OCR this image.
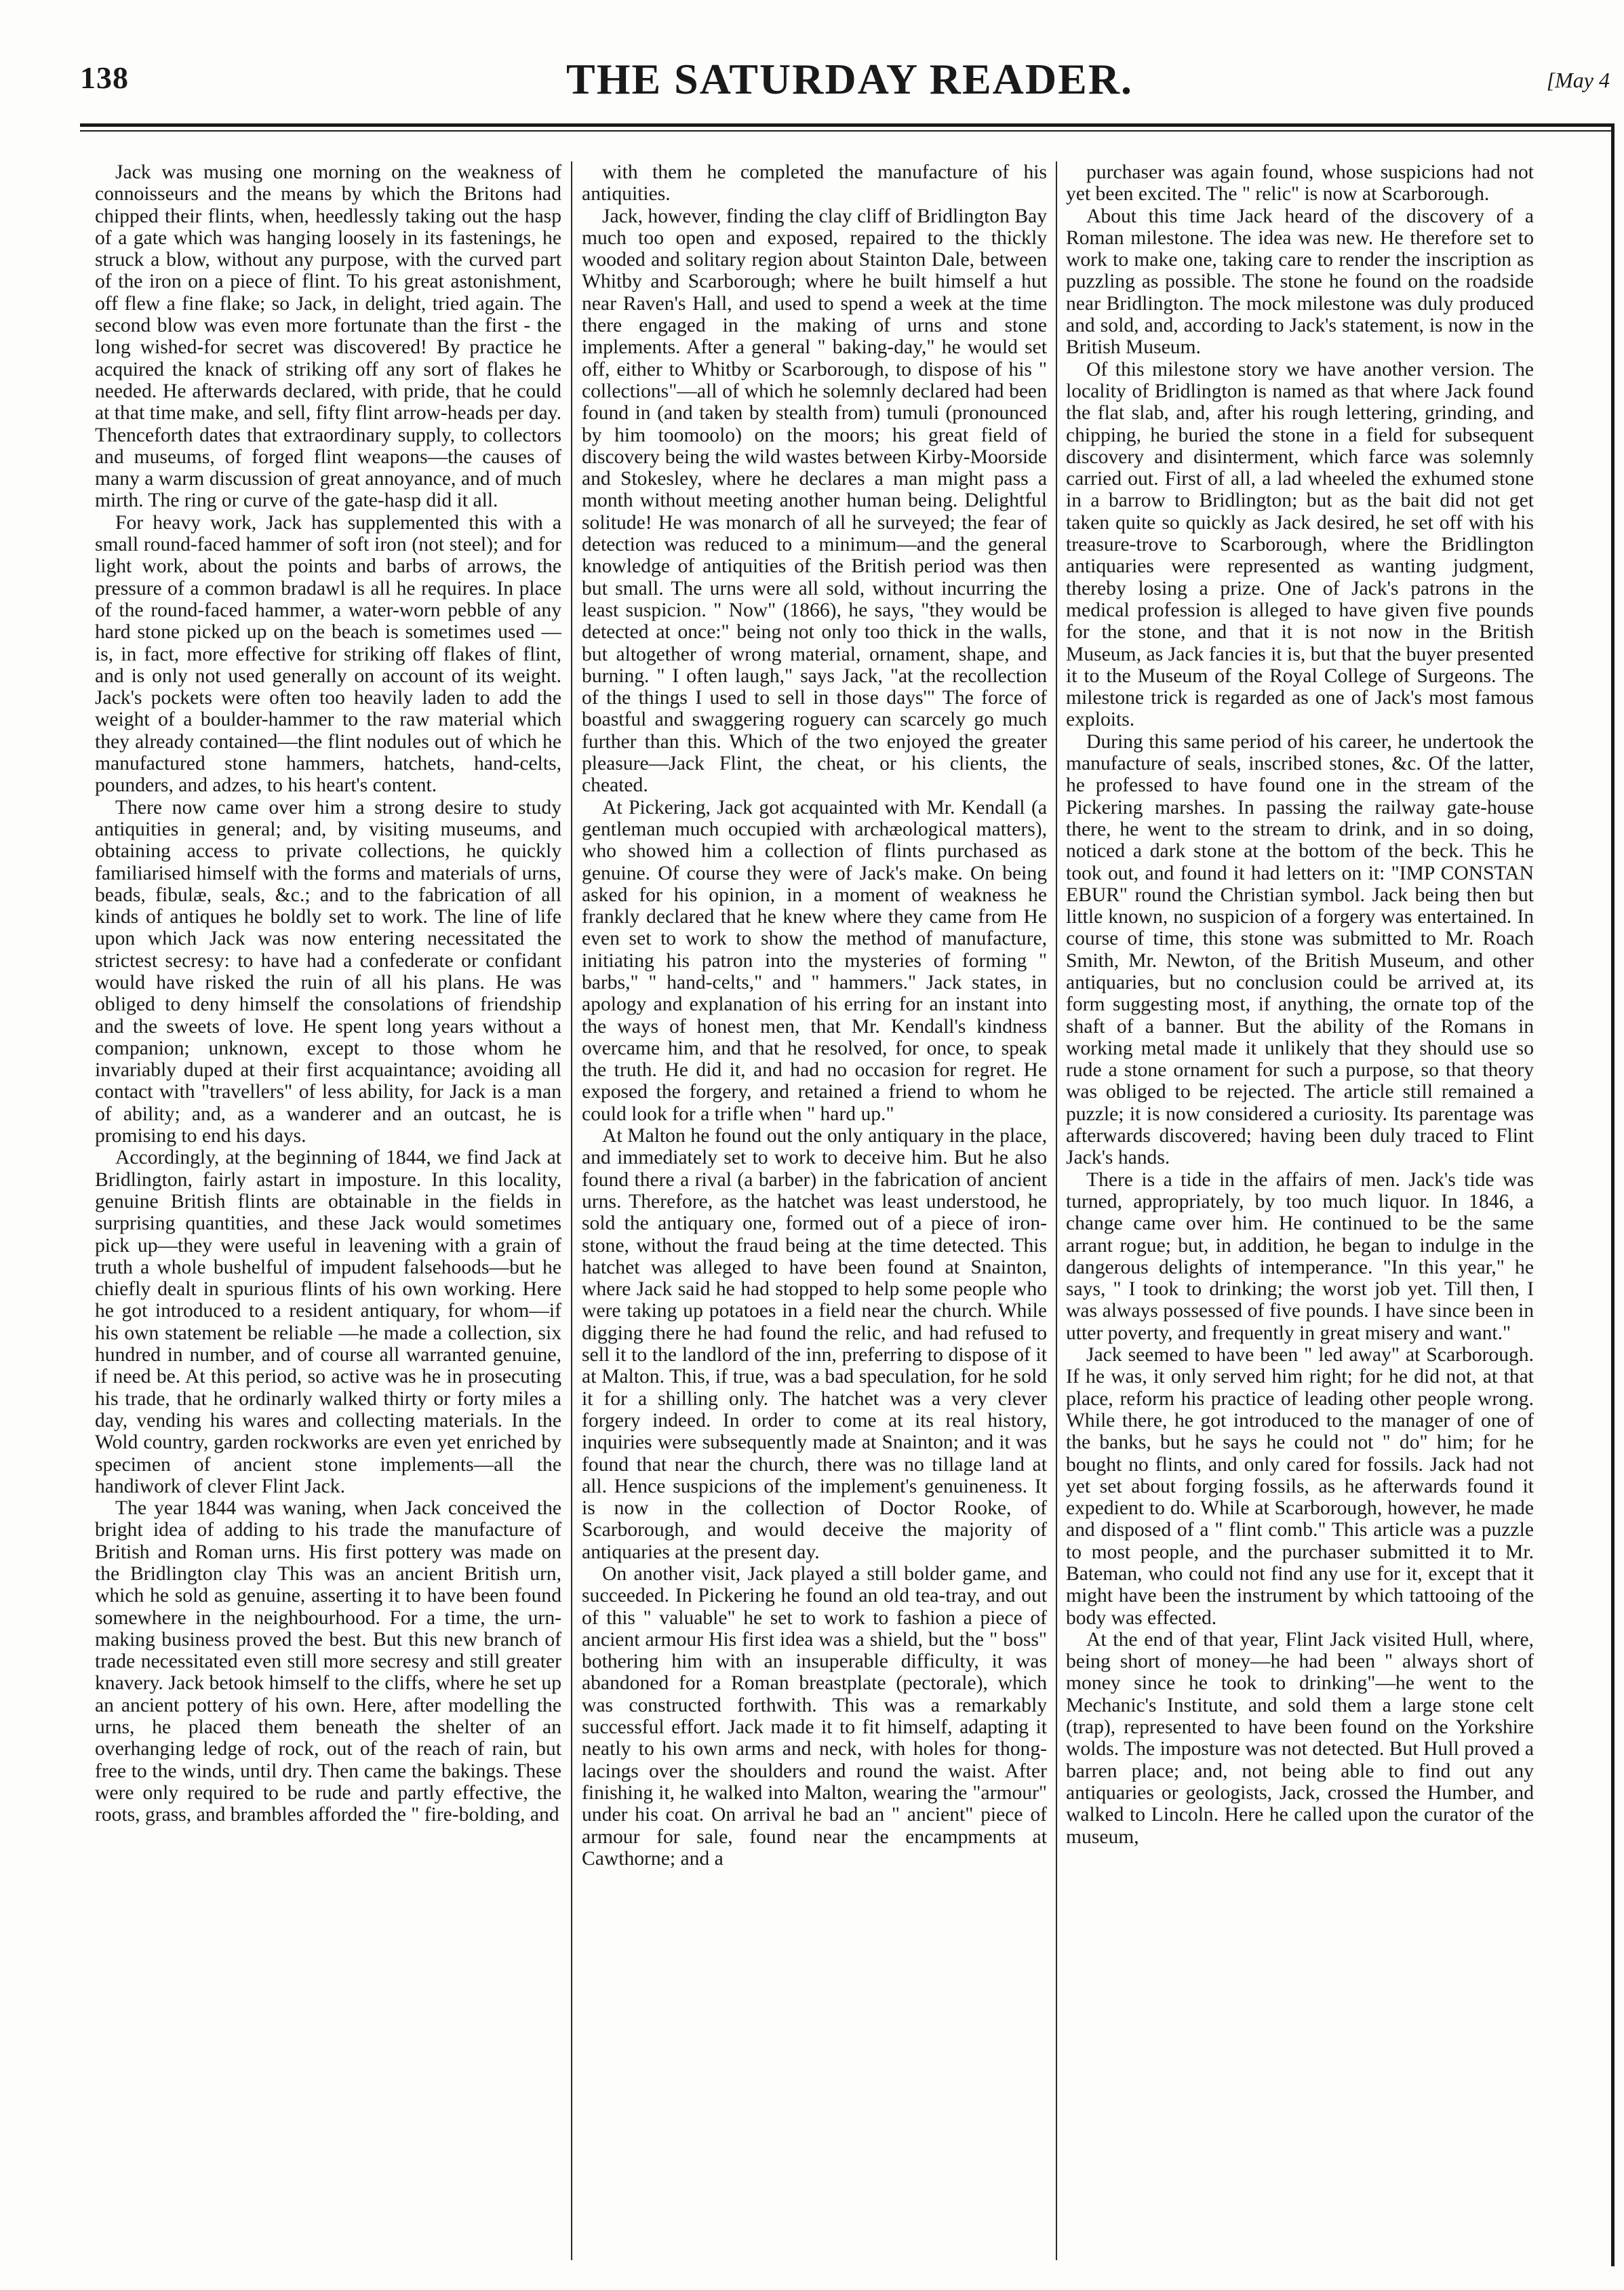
138	THE SATURDAY READER.	[May 4

Jack was musing one morning on the weakness of connoisseurs and the means by which the Britons had chipped their flints, when, heedlessly taking out the hasp of a gate which was hanging loosely in its fastenings, he struck a blow, without any purpose, with the curved part of the iron on a piece of flint. To his great astonishment, off flew a fine flake; so Jack, in delight, tried again. The second blow was even more fortunate than the first - the long wished-for secret was discovered! By practice he acquired the knack of striking off any sort of flakes he needed. He afterwards declared, with pride, that he could at that time make, and sell, fifty flint arrow-heads per day. Thenceforth dates that extraordinary supply, to collectors and museums, of forged flint weapons—the causes of many a warm discussion of great annoyance, and of much mirth. The ring or curve of the gate-hasp did it all.

For heavy work, Jack has supplemented this with a small round-faced hammer of soft iron (not steel); and for light work, about the points and barbs of arrows, the pressure of a common bradawl is all he requires. In place of the round-faced hammer, a water-worn pebble of any hard stone picked up on the beach is sometimes used —is, in fact, more effective for striking off flakes of flint, and is only not used generally on account of its weight. Jack's pockets were often too heavily laden to add the weight of a boulder-hammer to the raw material which they already contained—the flint nodules out of which he manufactured stone hammers, hatchets, hand-celts, pounders, and adzes, to his heart's content.

There now came over him a strong desire to study antiquities in general; and, by visiting museums, and obtaining access to private collections, he quickly familiarised himself with the forms and materials of urns, beads, fibulæ, seals, &c.; and to the fabrication of all kinds of antiques he boldly set to work. The line of life upon which Jack was now entering necessitated the strictest secresy: to have had a confederate or confidant would have risked the ruin of all his plans. He was obliged to deny himself the consolations of friendship and the sweets of love. He spent long years without a companion; unknown, except to those whom he invariably duped at their first acquaintance; avoiding all contact with "travellers" of less ability, for Jack is a man of ability; and, as a wanderer and an outcast, he is promising to end his days.

Accordingly, at the beginning of 1844, we find Jack at Bridlington, fairly astart in imposture. In this locality, genuine British flints are obtainable in the fields in surprising quantities, and these Jack would sometimes pick up—they were useful in leavening with a grain of truth a whole bushelful of impudent falsehoods—but he chiefly dealt in spurious flints of his own working. Here he got introduced to a resident antiquary, for whom—if his own statement be reliable —he made a collection, six hundred in number, and of course all warranted genuine, if need be. At this period, so active was he in prosecuting his trade, that he ordinarly walked thirty or forty miles a day, vending his wares and collecting materials. In the Wold country, garden rockworks are even yet enriched by specimen of ancient stone implements—all the handiwork of clever Flint Jack.

The year 1844 was waning, when Jack conceived the bright idea of adding to his trade the manufacture of British and Roman urns. His first pottery was made on the Bridlington clay This was an ancient British urn, which he sold as genuine, asserting it to have been found somewhere in the neighbourhood. For a time, the urn-making business proved the best. But this new branch of trade necessitated even still more secresy and still greater knavery. Jack betook himself to the cliffs, where he set up an ancient pottery of his own. Here, after modelling the urns, he placed them beneath the shelter of an overhanging ledge of rock, out of the reach of rain, but free to the winds, until dry. Then came the bakings. These were only required to be rude and partly effective, the roots, grass, and brambles afforded the " fire-bolding, and

with them he completed the manufacture of his antiquities.

Jack, however, finding the clay cliff of Bridlington Bay much too open and exposed, repaired to the thickly wooded and solitary region about Stainton Dale, between Whitby and Scarborough; where he built himself a hut near Raven's Hall, and used to spend a week at the time there engaged in the making of urns and stone implements. After a general " baking-day," he would set off, either to Whitby or Scarborough, to dispose of his " collections"—all of which he solemnly declared had been found in (and taken by stealth from) tumuli (pronounced by him toomoolo) on the moors; his great field of discovery being the wild wastes between Kirby-Moorside and Stokesley, where he declares a man might pass a month without meeting another human being. Delightful solitude! He was monarch of all he surveyed; the fear of detection was reduced to a minimum—and the general knowledge of antiquities of the British period was then but small. The urns were all sold, without incurring the least suspicion. " Now" (1866), he says, "they would be detected at once:" being not only too thick in the walls, but altogether of wrong material, ornament, shape, and burning. " I often laugh," says Jack, "at the recollection of the things I used to sell in those days'" The force of boastful and swaggering roguery can scarcely go much further than this. Which of the two enjoyed the greater pleasure—Jack Flint, the cheat, or his clients, the cheated.

At Pickering, Jack got acquainted with Mr. Kendall (a gentleman much occupied with archæological matters), who showed him a collection of flints purchased as genuine. Of course they were of Jack's make. On being asked for his opinion, in a moment of weakness he frankly declared that he knew where they came from He even set to work to show the method of manufacture, initiating his patron into the mysteries of forming " barbs," " hand-celts," and " hammers." Jack states, in apology and explanation of his erring for an instant into the ways of honest men, that Mr. Kendall's kindness overcame him, and that he resolved, for once, to speak the truth. He did it, and had no occasion for regret. He exposed the forgery, and retained a friend to whom he could look for a trifle when " hard up."

At Malton he found out the only antiquary in the place, and immediately set to work to deceive him. But he also found there a rival (a barber) in the fabrication of ancient urns. Therefore, as the hatchet was least understood, he sold the antiquary one, formed out of a piece of iron-stone, without the fraud being at the time detected. This hatchet was alleged to have been found at Snainton, where Jack said he had stopped to help some people who were taking up potatoes in a field near the church. While digging there he had found the relic, and had refused to sell it to the landlord of the inn, preferring to dispose of it at Malton. This, if true, was a bad speculation, for he sold it for a shilling only. The hatchet was a very clever forgery indeed. In order to come at its real history, inquiries were subsequently made at Snainton; and it was found that near the church, there was no tillage land at all. Hence suspicions of the implement's genuineness. It is now in the collection of Doctor Rooke, of Scarborough, and would deceive the majority of antiquaries at the present day.

On another visit, Jack played a still bolder game, and succeeded. In Pickering he found an old tea-tray, and out of this " valuable" he set to work to fashion a piece of ancient armour His first idea was a shield, but the " boss" bothering him with an insuperable difficulty, it was abandoned for a Roman breastplate (pectorale), which was constructed forthwith. This was a remarkably successful effort. Jack made it to fit himself, adapting it neatly to his own arms and neck, with holes for thong-lacings over the shoulders and round the waist. After finishing it, he walked into Malton, wearing the "armour" under his coat. On arrival he bad an " ancient" piece of armour for sale, found near the encampments at Cawthorne; and a

purchaser was again found, whose suspicions had not yet been excited. The " relic" is now at Scarborough.

About this time Jack heard of the discovery of a Roman milestone. The idea was new. He therefore set to work to make one, taking care to render the inscription as puzzling as possible. The stone he found on the roadside near Bridlington. The mock milestone was duly produced and sold, and, according to Jack's statement, is now in the British Museum.

Of this milestone story we have another version. The locality of Bridlington is named as that where Jack found the flat slab, and, after his rough lettering, grinding, and chipping, he buried the stone in a field for subsequent discovery and disinterment, which farce was solemnly carried out. First of all, a lad wheeled the exhumed stone in a barrow to Bridlington; but as the bait did not get taken quite so quickly as Jack desired, he set off with his treasure-trove to Scarborough, where the Bridlington antiquaries were represented as wanting judgment, thereby losing a prize. One of Jack's patrons in the medical profession is alleged to have given five pounds for the stone, and that it is not now in the British Museum, as Jack fancies it is, but that the buyer presented it to the Museum of the Royal College of Surgeons. The milestone trick is regarded as one of Jack's most famous exploits.

During this same period of his career, he undertook the manufacture of seals, inscribed stones, &c. Of the latter, he professed to have found one in the stream of the Pickering marshes. In passing the railway gate-house there, he went to the stream to drink, and in so doing, noticed a dark stone at the bottom of the beck. This he took out, and found it had letters on it: "IMP CONSTAN EBUR" round the Christian symbol. Jack being then but little known, no suspicion of a forgery was entertained. In course of time, this stone was submitted to Mr. Roach Smith, Mr. Newton, of the British Museum, and other antiquaries, but no conclusion could be arrived at, its form suggesting most, if anything, the ornate top of the shaft of a banner. But the ability of the Romans in working metal made it unlikely that they should use so rude a stone ornament for such a purpose, so that theory was obliged to be rejected. The article still remained a puzzle; it is now considered a curiosity. Its parentage was afterwards discovered; having been duly traced to Flint Jack's hands.

There is a tide in the affairs of men. Jack's tide was turned, appropriately, by too much liquor. In 1846, a change came over him. He continued to be the same arrant rogue; but, in addition, he began to indulge in the dangerous delights of intemperance. "In this year," he says, " I took to drinking; the worst job yet. Till then, I was always possessed of five pounds. I have since been in utter poverty, and frequently in great misery and want."

Jack seemed to have been " led away" at Scarborough. If he was, it only served him right; for he did not, at that place, reform his practice of leading other people wrong. While there, he got introduced to the manager of one of the banks, but he says he could not " do" him; for he bought no flints, and only cared for fossils. Jack had not yet set about forging fossils, as he afterwards found it expedient to do. While at Scarborough, however, he made and disposed of a " flint comb." This article was a puzzle to most people, and the purchaser submitted it to Mr. Bateman, who could not find any use for it, except that it might have been the instrument by which tattooing of the body was effected.

At the end of that year, Flint Jack visited Hull, where, being short of money—he had been " always short of money since he took to drinking"—he went to the Mechanic's Institute, and sold them a large stone celt (trap), represented to have been found on the Yorkshire wolds. The imposture was not detected. But Hull proved a barren place; and, not being able to find out any antiquaries or geologists, Jack, crossed the Humber, and walked to Lincoln. Here he called upon the curator of the museum,
